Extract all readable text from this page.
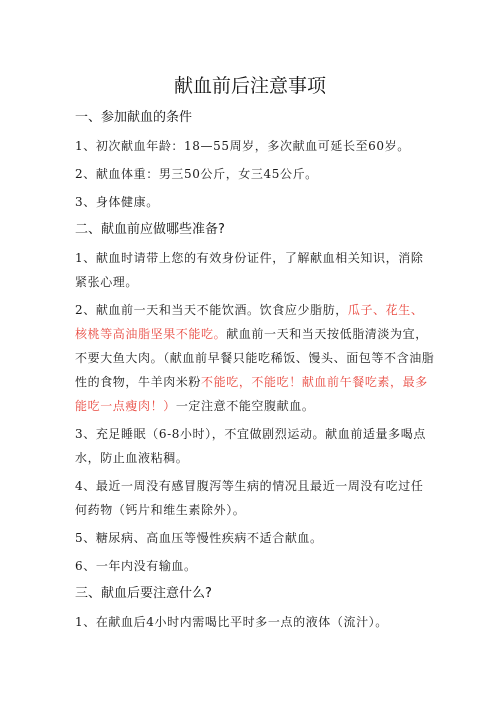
献血前后注意事项
一、参加献血的条件
1、初次献血年龄：18—55周岁，多次献血可延长至60岁。
2、献血体重：男三50公斤，女三45公斤。
3、身体健康。
二、献血前应做哪些准备?
1、献血时请带上您的有效身份证件，了解献血相关知识，消除紧张心理。
2、献血前一天和当天不能饮酒。饮食应少脂肪，瓜子、花生、核桃等高油脂坚果不能吃。献血前一天和当天按低脂清淡为宜，不要大鱼大肉。（献血前早餐只能吃稀饭、馒头、面包等不含油脂性的食物，牛羊肉米粉不能吃，不能吃！献血前午餐吃素，最多能吃一点瘦肉！）一定注意不能空腹献血。
3、充足睡眠（6-8小时），不宜做剧烈运动。献血前适量多喝点水，防止血液粘稠。
4、最近一周没有感冒腹泻等生病的情况且最近一周没有吃过任何药物（钙片和维生素除外）。
5、糖尿病、高血压等慢性疾病不适合献血。
6、一年内没有输血。
三、献血后要注意什么?
1、在献血后4小时内需喝比平时多一点的液体（流汁）。
